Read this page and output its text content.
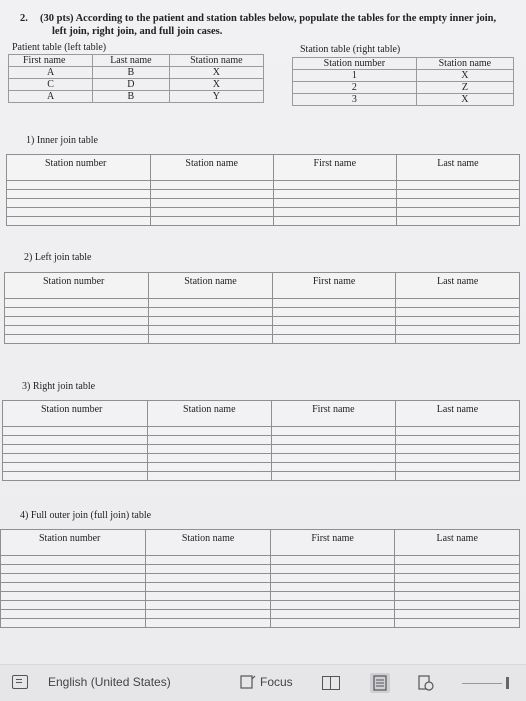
2. (30 pts) According to the patient and station tables below, populate the tables for the empty inner join,
left join, right join, and full join cases.
Patient table (left table)
First name	Last name	Station name
A	B	X
C	D	X
A	B	Y
Station table (right table)
Station number	Station name
1	X
2	Z
3	X
1) Inner join table
Station number	Station name	First name	Last name

2) Left join table
Station number	Station name	First name	Last name

3) Right join table
Station number	Station name	First name	Last name

4) Full outer join (full join) table
Station number	Station name	First name	Last name

English (United States)	Focus
